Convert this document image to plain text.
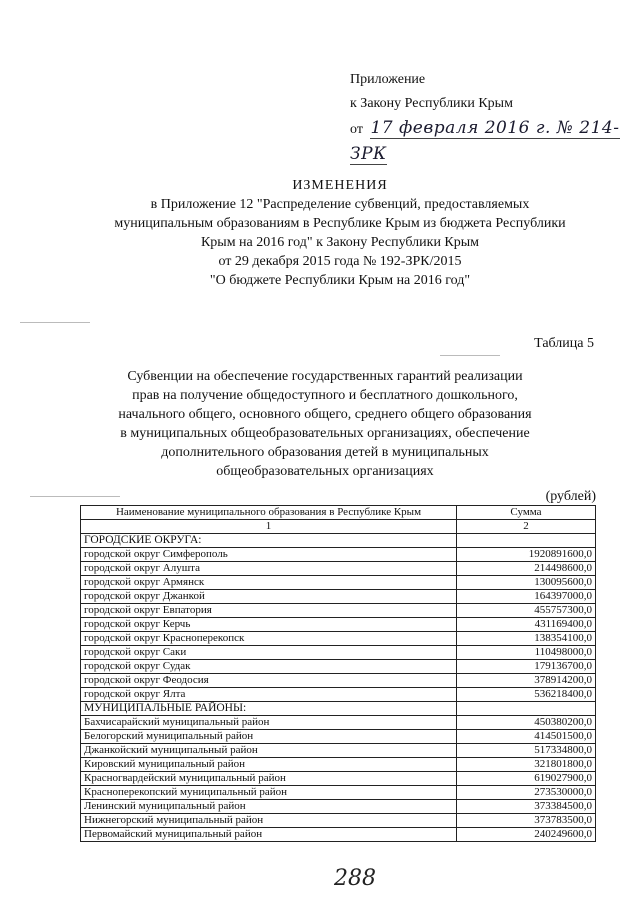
Приложение
к Закону Республики Крым
от 17 февраля 2016 г. № 214-ЗРК
ИЗМЕНЕНИЯ
в Приложение 12 "Распределение субвенций, предоставляемых
муниципальным образованиям в Республике Крым из бюджета Республики
Крым на 2016 год" к Закону Республики Крым
от 29 декабря 2015 года № 192-ЗРК/2015
"О бюджете Республики Крым на 2016 год"
Таблица 5
Субвенции на обеспечение государственных гарантий реализации
прав на получение общедоступного и бесплатного дошкольного,
начального общего, основного общего, среднего общего образования
в муниципальных общеобразовательных организациях, обеспечение
дополнительного образования детей в муниципальных
общеобразовательных организациях
(рублей)
Наименование муниципального образования в Республике Крым	Сумма
1	2
ГОРОДСКИЕ ОКРУГА:	
городской округ Симферополь	1920891600,0
городской округ Алушта	214498600,0
городской округ Армянск	130095600,0
городской округ Джанкой	164397000,0
городской округ Евпатория	455757300,0
городской округ Керчь	431169400,0
городской округ Красноперекопск	138354100,0
городской округ Саки	110498000,0
городской округ Судак	179136700,0
городской округ Феодосия	378914200,0
городской округ Ялта	536218400,0
МУНИЦИПАЛЬНЫЕ РАЙОНЫ:	
Бахчисарайский муниципальный район	450380200,0
Белогорский муниципальный район	414501500,0
Джанкойский муниципальный район	517334800,0
Кировский муниципальный район	321801800,0
Красногвардейский муниципальный район	619027900,0
Красноперекопский муниципальный район	273530000,0
Ленинский муниципальный район	373384500,0
Нижнегорский муниципальный район	373783500,0
Первомайский муниципальный район	240249600,0
288
